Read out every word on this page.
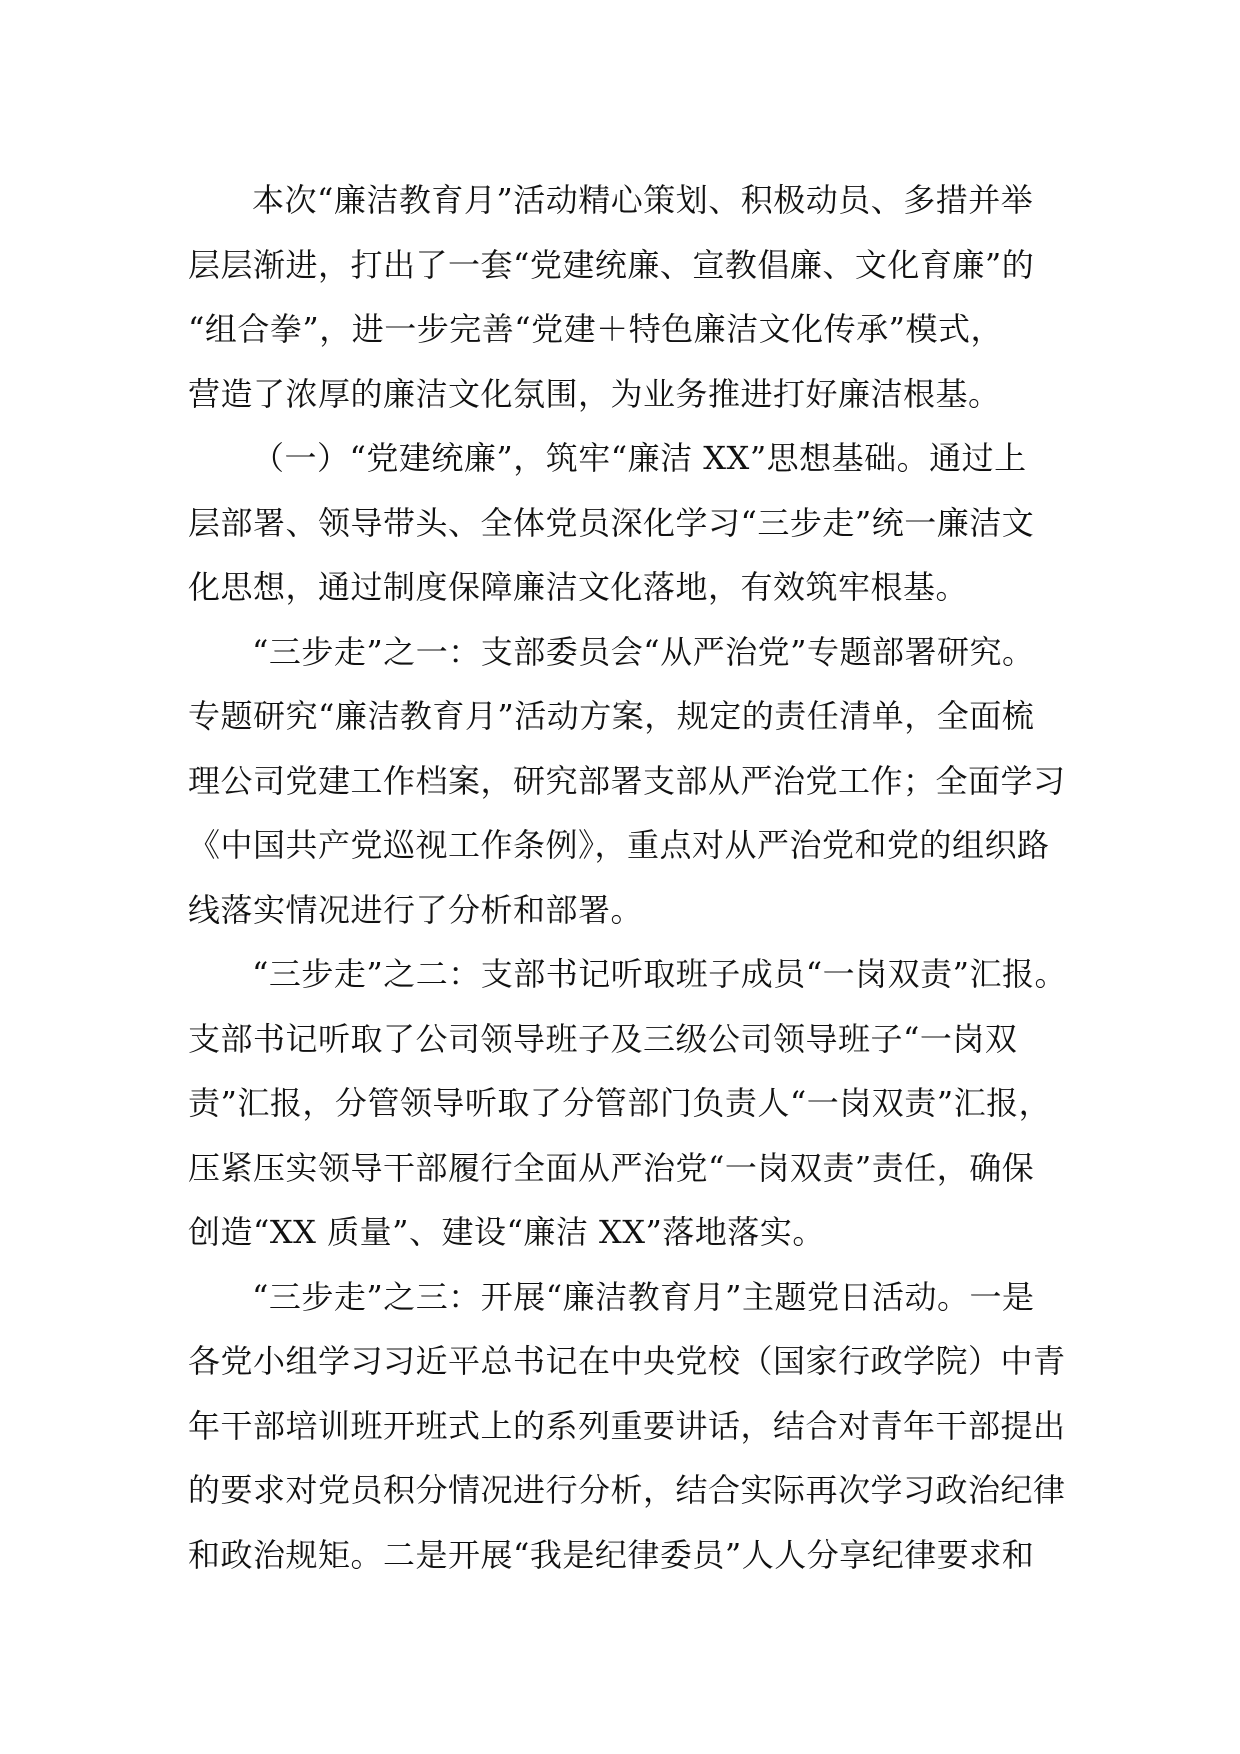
本次“廉洁教育月”活动精心策划、积极动员、多措并举
层层渐进，打出了一套“党建统廉、宣教倡廉、文化育廉”的
“组合拳”，进一步完善“党建＋特色廉洁文化传承”模式，
营造了浓厚的廉洁文化氛围，为业务推进打好廉洁根基。

（一）“党建统廉”，筑牢“廉洁 XX”思想基础。通过上
层部署、领导带头、全体党员深化学习“三步走”统一廉洁文
化思想，通过制度保障廉洁文化落地，有效筑牢根基。

“三步走”之一：支部委员会“从严治党”专题部署研究。
专题研究“廉洁教育月”活动方案，规定的责任清单，全面梳
理公司党建工作档案，研究部署支部从严治党工作；全面学习
《中国共产党巡视工作条例》，重点对从严治党和党的组织路
线落实情况进行了分析和部署。

“三步走”之二：支部书记听取班子成员“一岗双责”汇报。
支部书记听取了公司领导班子及三级公司领导班子“一岗双
责”汇报，分管领导听取了分管部门负责人“一岗双责”汇报，
压紧压实领导干部履行全面从严治党“一岗双责”责任，确保
创造“XX 质量”、建设“廉洁 XX”落地落实。

“三步走”之三：开展“廉洁教育月”主题党日活动。一是
各党小组学习习近平总书记在中央党校（国家行政学院）中青
年干部培训班开班式上的系列重要讲话，结合对青年干部提出
的要求对党员积分情况进行分析，结合实际再次学习政治纪律
和政治规矩。二是开展“我是纪律委员”人人分享纪律要求和
